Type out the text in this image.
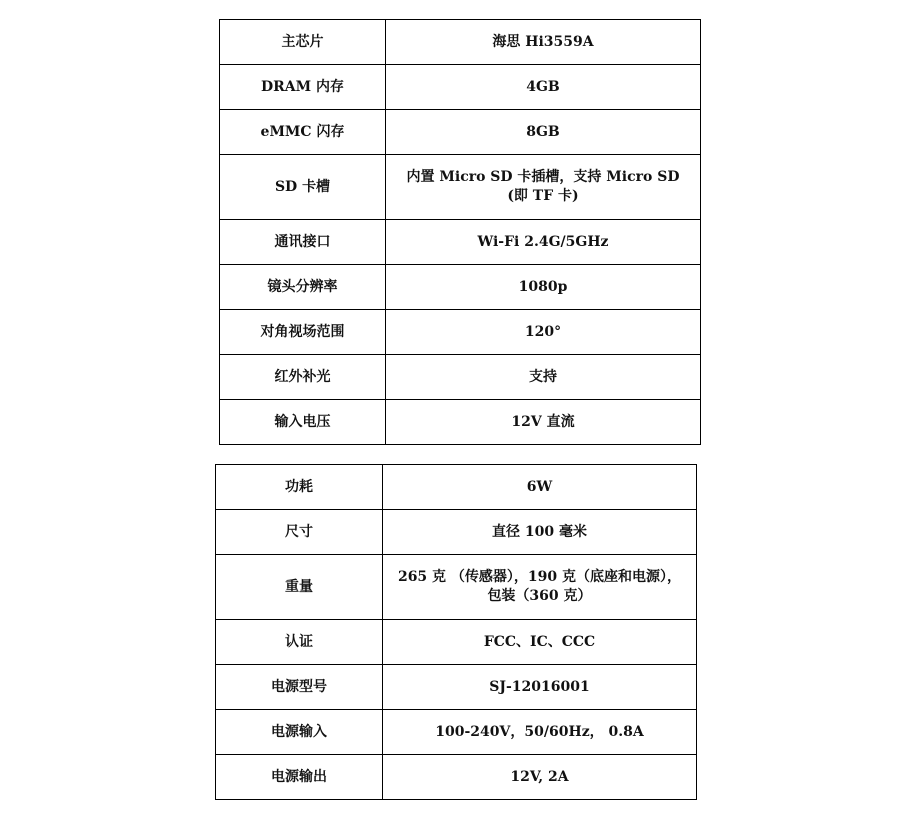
主芯片	海思 Hi3559A
DRAM 内存	4GB
eMMC 闪存	8GB
SD 卡槽	内置 Micro SD 卡插槽，支持 Micro SD (即 TF 卡)
通讯接口	Wi-Fi 2.4G/5GHz
镜头分辨率	1080p
对角视场范围	120°
红外补光	支持
输入电压	12V 直流
功耗	6W
尺寸	直径 100 毫米
重量	265 克 （传感器），190 克（底座和电源），包装（360 克）
认证	FCC、IC、CCC
电源型号	SJ-12016001
电源输入	100-240V，50/60Hz， 0.8A
电源输出	12V, 2A
